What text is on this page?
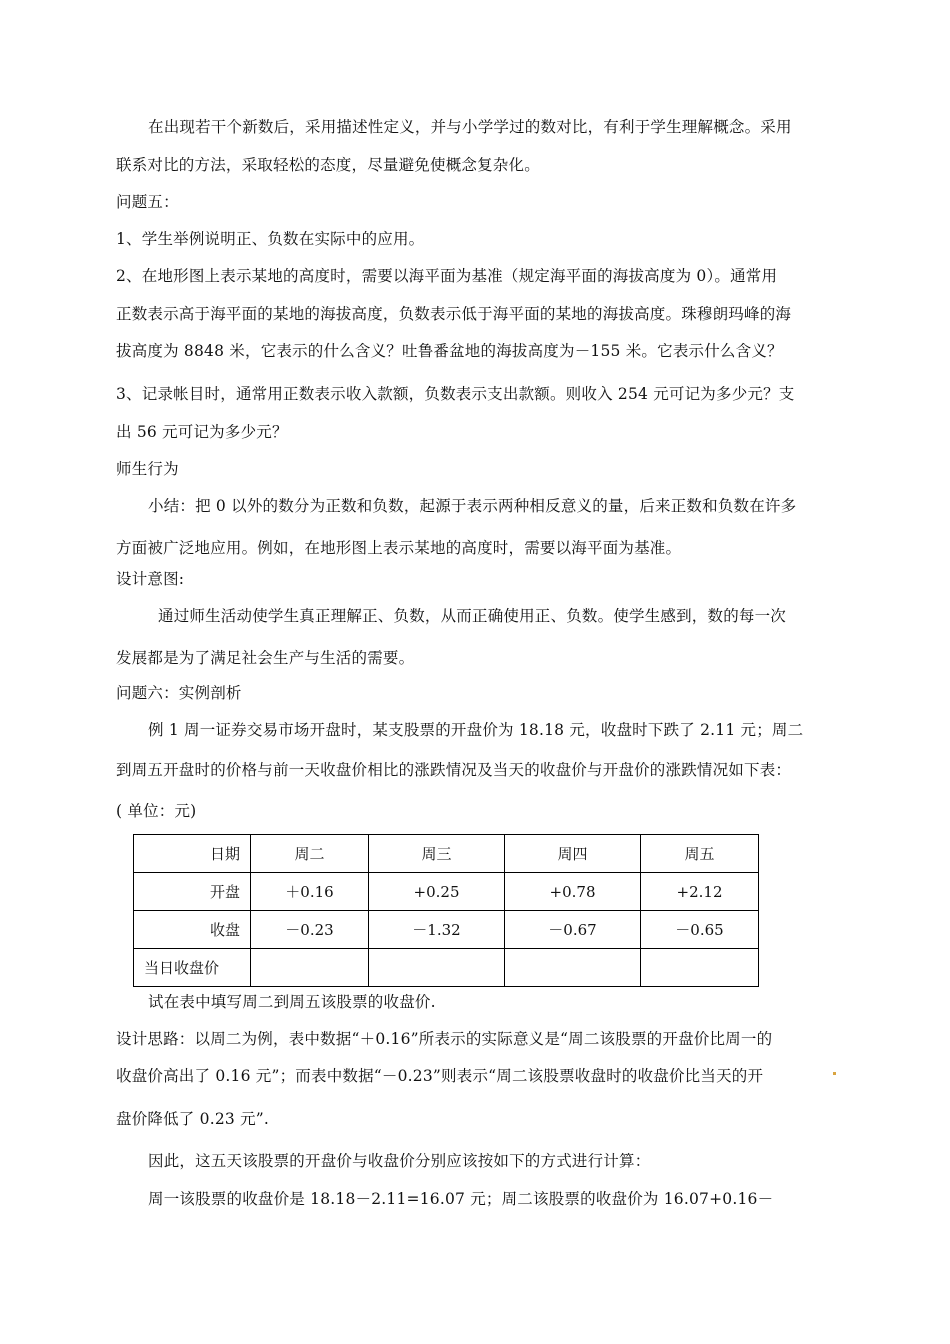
在出现若干个新数后，采用描述性定义，并与小学学过的数对比，有利于学生理解概念。采用
联系对比的方法，采取轻松的态度，尽量避免使概念复杂化。
问题五：
1、学生举例说明正、负数在实际中的应用。
2、在地形图上表示某地的高度时，需要以海平面为基准（规定海平面的海拔高度为 0）。通常用
正数表示高于海平面的某地的海拔高度，负数表示低于海平面的某地的海拔高度。珠穆朗玛峰的海
拔高度为 8848 米，它表示的什么含义？吐鲁番盆地的海拔高度为－155 米。它表示什么含义？
3、记录帐目时，通常用正数表示收入款额，负数表示支出款额。则收入 254 元可记为多少元？支
出 56 元可记为多少元？
师生行为
小结：把 0 以外的数分为正数和负数，起源于表示两种相反意义的量，后来正数和负数在许多
方面被广泛地应用。例如，在地形图上表示某地的高度时，需要以海平面为基准。
设计意图:
通过师生活动使学生真正理解正、负数，从而正确使用正、负数。使学生感到，数的每一次
发展都是为了满足社会生产与生活的需要。
问题六：实例剖析
例 1 周一证券交易市场开盘时，某支股票的开盘价为 18.18 元，收盘时下跌了 2.11 元；周二
到周五开盘时的价格与前一天收盘价相比的涨跌情况及当天的收盘价与开盘价的涨跌情况如下表：
( 单位：元)
日期	周二	周三	周四	周五
开盘	＋0.16	+0.25	+0.78	+2.12
收盘	－0.23	－1.32	－0.67	－0.65
当日收盘价				
试在表中填写周二到周五该股票的收盘价.
设计思路：以周二为例，表中数据“＋0.16”所表示的实际意义是“周二该股票的开盘价比周一的
收盘价高出了 0.16 元”；而表中数据“－0.23”则表示“周二该股票收盘时的收盘价比当天的开
盘价降低了 0.23 元”.
因此，这五天该股票的开盘价与收盘价分别应该按如下的方式进行计算：
周一该股票的收盘价是 18.18－2.11=16.07 元；周二该股票的收盘价为 16.07+0.16－
